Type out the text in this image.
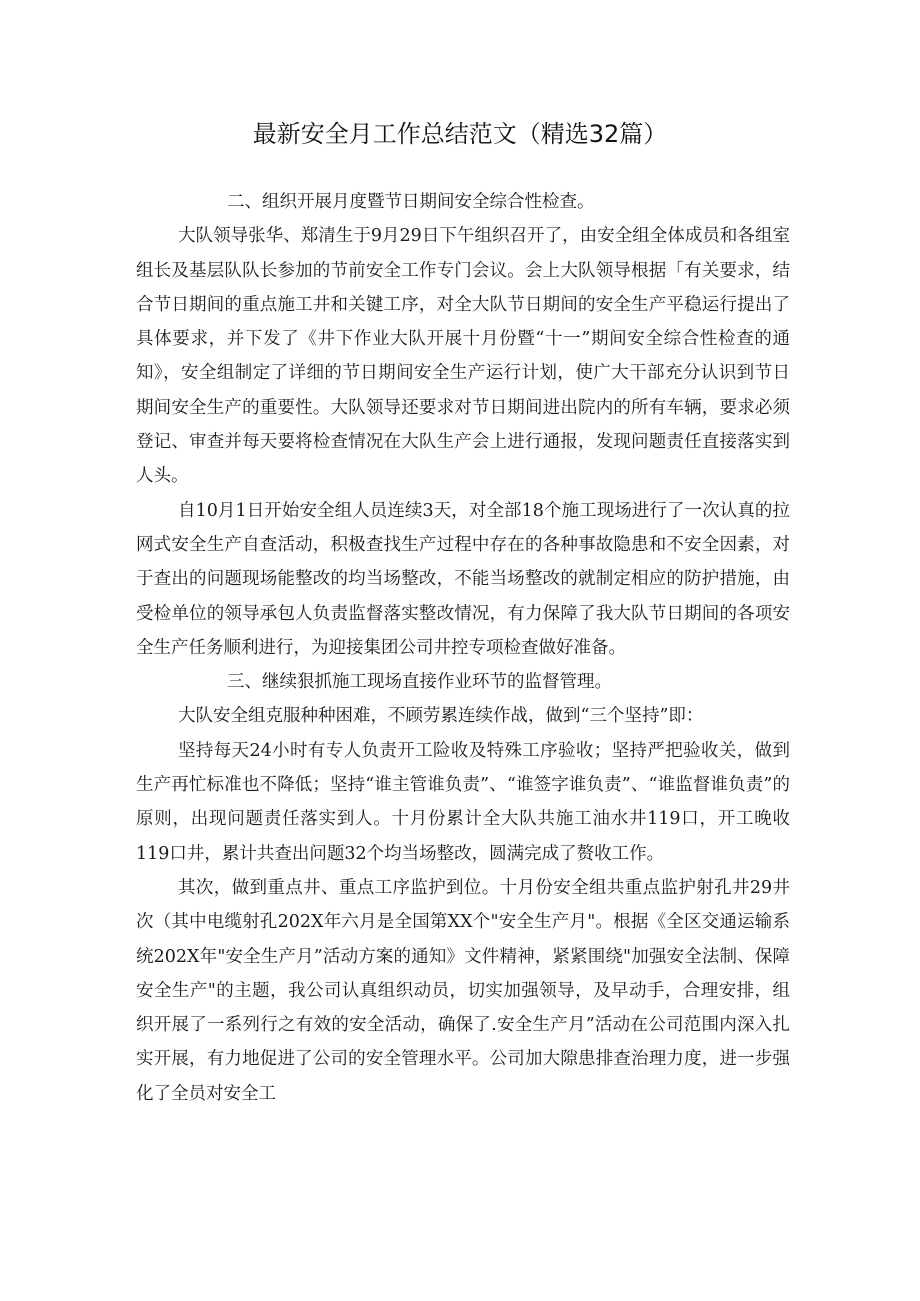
最新安全月工作总结范文（精选32篇）

二、组织开展月度暨节日期间安全综合性检查。

大队领导张华、郑清生于9月29日下午组织召开了，由安全组全体成员和各组室组长及基层队队长参加的节前安全工作专门会议。会上大队领导根据「有关要求，结合节日期间的重点施工井和关键工序，对全大队节日期间的安全生产平稳运行提出了具体要求，并下发了《井下作业大队开展十月份暨“十一”期间安全综合性检查的通知》，安全组制定了详细的节日期间安全生产运行计划，使广大干部充分认识到节日期间安全生产的重要性。大队领导还要求对节日期间进出院内的所有车辆，要求必须登记、审查并每天要将检查情况在大队生产会上进行通报，发现问题责任直接落实到人头。

自10月1日开始安全组人员连续3天，对全部18个施工现场进行了一次认真的拉网式安全生产自查活动，积极查找生产过程中存在的各种事故隐患和不安全因素，对于查出的问题现场能整改的均当场整改，不能当场整改的就制定相应的防护措施，由受检单位的领导承包人负责监督落实整改情况，有力保障了我大队节日期间的各项安全生产任务顺利进行，为迎接集团公司井控专项检查做好准备。

三、继续狠抓施工现场直接作业环节的监督管理。

大队安全组克服种种困难，不顾劳累连续作战，做到“三个坚持”即：

坚持每天24小时有专人负责开工险收及特殊工序验收；坚持严把验收关，做到生产再忙标准也不降低；坚持“谁主管谁负责”、“谁签字谁负责”、“谁监督谁负责”的原则，出现问题责任落实到人。十月份累计全大队共施工油水井119口，开工晚收119口井，累计共查出问题32个均当场整改，圆满完成了赘收工作。

其次，做到重点井、重点工序监护到位。十月份安全组共重点监护射孔井29井次（其中电缆射孔202X年六月是全国第XX个"安全生产月"。根据《全区交通运输系统202X年"安全生产月”活动方案的通知》文件精神，紧紧围绕"加强安全法制、保障安全生产"的主题，我公司认真组织动员，切实加强领导，及早动手，合理安排，组织开展了一系列行之有效的安全活动，确保了.安全生产月”活动在公司范围内深入扎实开展，有力地促进了公司的安全管理水平。公司加大隙患排查治理力度，进一步强化了全员对安全工
